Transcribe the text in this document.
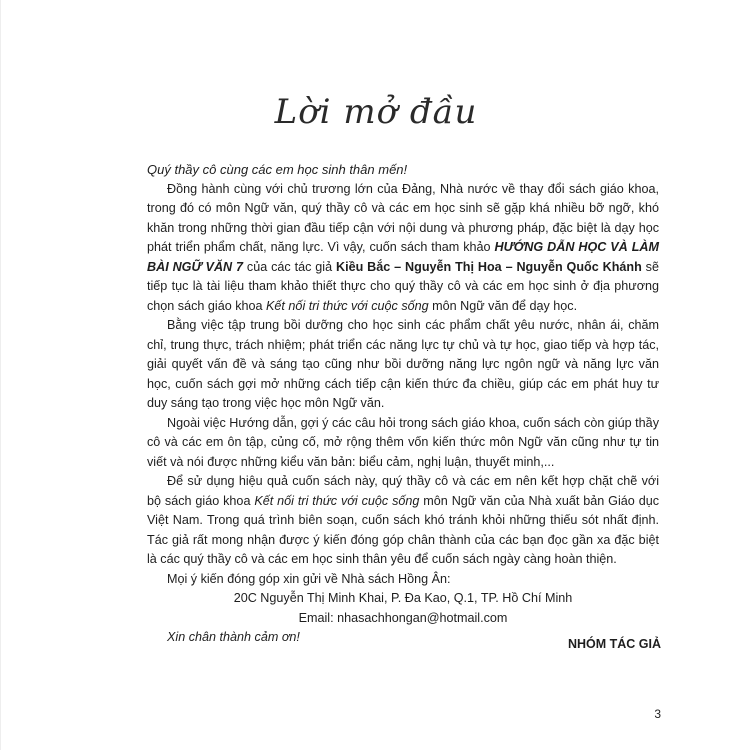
Lời mở đầu

Quý thầy cô cùng các em học sinh thân mến!

Đồng hành cùng với chủ trương lớn của Đảng, Nhà nước về thay đổi sách giáo khoa, trong đó có môn Ngữ văn, quý thầy cô và các em học sinh sẽ gặp khá nhiều bỡ ngỡ, khó khăn trong những thời gian đầu tiếp cận với nội dung và phương pháp, đặc biệt là dạy học phát triển phẩm chất, năng lực. Vì vậy, cuốn sách tham khảo HƯỚNG DẪN HỌC VÀ LÀM BÀI NGỮ VĂN 7 của các tác giả Kiều Bắc – Nguyễn Thị Hoa – Nguyễn Quốc Khánh sẽ tiếp tục là tài liệu tham khảo thiết thực cho quý thầy cô và các em học sinh ở địa phương chọn sách giáo khoa Kết nối tri thức với cuộc sống môn Ngữ văn để dạy học.

Bằng việc tập trung bồi dưỡng cho học sinh các phẩm chất yêu nước, nhân ái, chăm chỉ, trung thực, trách nhiệm; phát triển các năng lực tự chủ và tự học, giao tiếp và hợp tác, giải quyết vấn đề và sáng tạo cũng như bồi dưỡng năng lực ngôn ngữ và năng lực văn học, cuốn sách gợi mở những cách tiếp cận kiến thức đa chiều, giúp các em phát huy tư duy sáng tạo trong việc học môn Ngữ văn.

Ngoài việc Hướng dẫn, gợi ý các câu hỏi trong sách giáo khoa, cuốn sách còn giúp thầy cô và các em ôn tập, củng cố, mở rộng thêm vốn kiến thức môn Ngữ văn cũng như tự tin viết và nói được những kiểu văn bản: biểu cảm, nghị luận, thuyết minh,...

Để sử dụng hiệu quả cuốn sách này, quý thầy cô và các em nên kết hợp chặt chẽ với bộ sách giáo khoa Kết nối tri thức với cuộc sống môn Ngữ văn của Nhà xuất bản Giáo dục Việt Nam. Trong quá trình biên soạn, cuốn sách khó tránh khỏi những thiếu sót nhất định. Tác giả rất mong nhận được ý kiến đóng góp chân thành của các bạn đọc gần xa đặc biệt là các quý thầy cô và các em học sinh thân yêu để cuốn sách ngày càng hoàn thiện.

Mọi ý kiến đóng góp xin gửi về Nhà sách Hồng Ân:

20C Nguyễn Thị Minh Khai, P. Đa Kao, Q.1, TP. Hồ Chí Minh

Email: nhasachhongan@hotmail.com

Xin chân thành cảm ơn!	NHÓM TÁC GIẢ
3
